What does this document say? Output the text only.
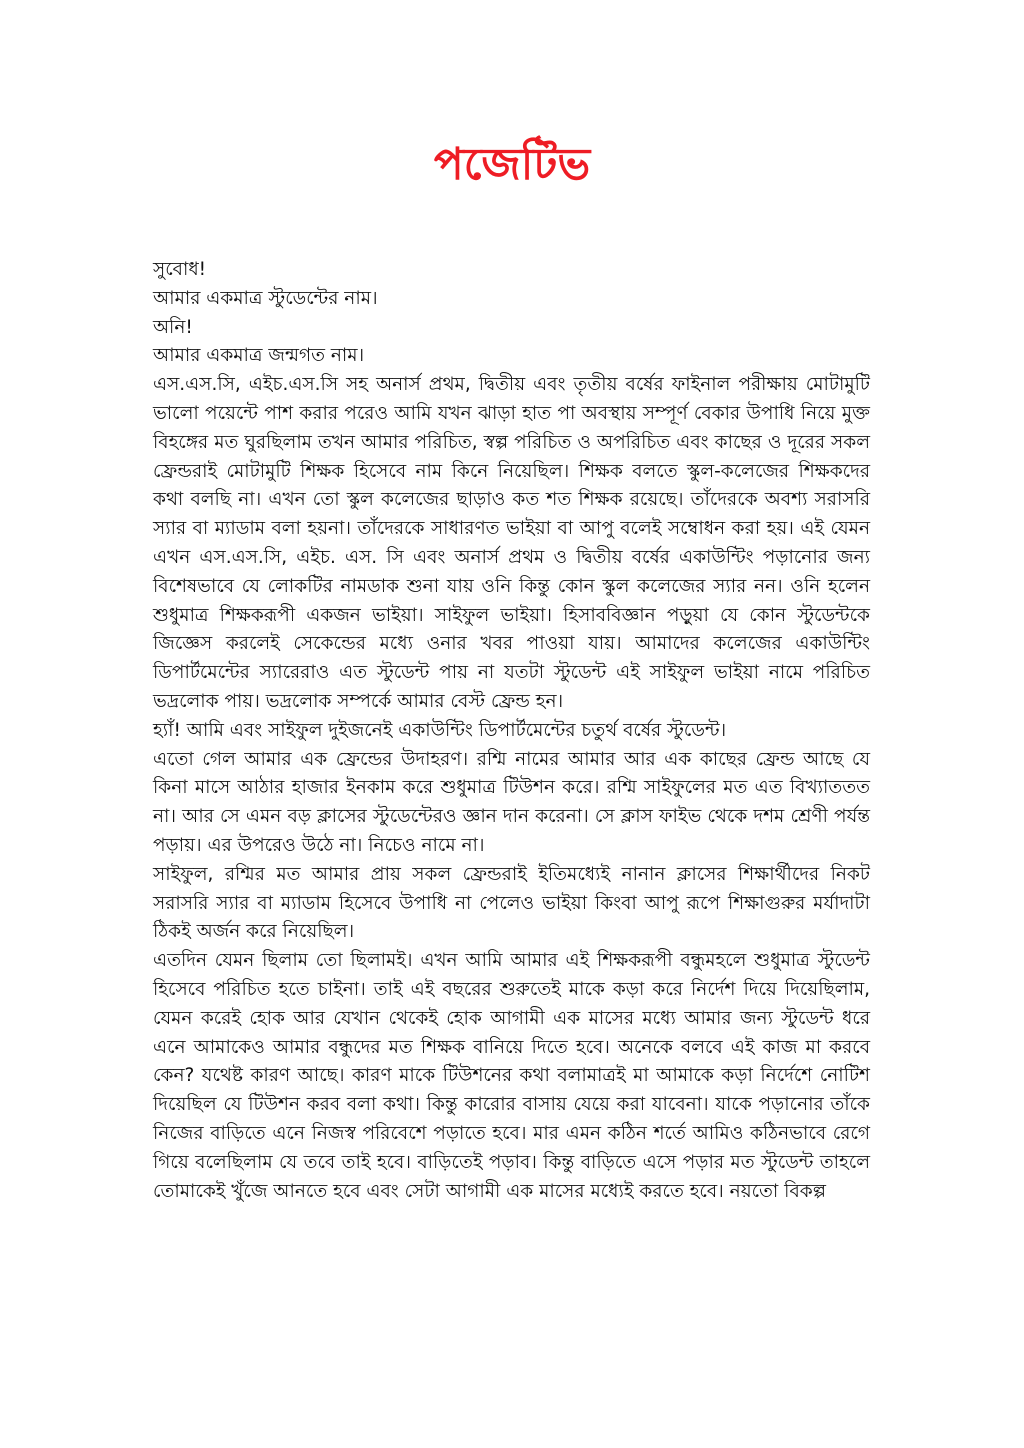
পজেটিভ

সুবোধ!

আমার একমাত্র স্টুডেন্টের নাম।

অনি!

আমার একমাত্র জন্মগত নাম।

এস.এস.সি, এইচ.এস.সি সহ অনার্স প্রথম, দ্বিতীয় এবং তৃতীয় বর্ষের ফাইনাল পরীক্ষায় মোটামুটি ভালো পয়েন্টে পাশ করার পরেও আমি যখন ঝাড়া হাত পা অবস্থায় সম্পূর্ণ বেকার উপাধি নিয়ে মুক্ত বিহঙ্গের মত ঘুরছিলাম তখন আমার পরিচিত, স্বল্প পরিচিত ও অপরিচিত এবং কাছের ও দূরের সকল ফ্রেন্ডরাই মোটামুটি শিক্ষক হিসেবে নাম কিনে নিয়েছিল। শিক্ষক বলতে স্কুল-কলেজের শিক্ষকদের কথা বলছি না। এখন তো স্কুল কলেজের ছাড়াও কত শত শিক্ষক রয়েছে। তাঁদেরকে অবশ্য সরাসরি স্যার বা ম্যাডাম বলা হয়না। তাঁদেরকে সাধারণত ভাইয়া বা আপু বলেই সম্বোধন করা হয়। এই যেমন এখন এস.এস.সি, এইচ. এস. সি এবং অনার্স প্রথম ও দ্বিতীয় বর্ষের একাউন্টিং পড়ানোর জন্য বিশেষভাবে যে লোকটির নামডাক শুনা যায় ওনি কিন্তু কোন স্কুল কলেজের স্যার নন। ওনি হলেন শুধুমাত্র শিক্ষকরূপী একজন ভাইয়া। সাইফুল ভাইয়া। হিসাববিজ্ঞান পড়ুয়া যে কোন স্টুডেন্টকে জিজ্ঞেস করলেই সেকেন্ডের মধ্যে ওনার খবর পাওয়া যায়। আমাদের কলেজের একাউন্টিং ডিপার্টমেন্টের স্যারেরাও এত স্টুডেন্ট পায় না যতটা স্টুডেন্ট এই সাইফুল ভাইয়া নামে পরিচিত ভদ্রলোক পায়। ভদ্রলোক সম্পর্কে আমার বেস্ট ফ্রেন্ড হন।

হ্যাঁ! আমি এবং সাইফুল দুইজনেই একাউন্টিং ডিপার্টমেন্টের চতুর্থ বর্ষের স্টুডেন্ট।

এতো গেল আমার এক ফ্রেন্ডের উদাহরণ। রশ্মি নামের আমার আর এক কাছের ফ্রেন্ড আছে যে কিনা মাসে আঠার হাজার ইনকাম করে শুধুমাত্র টিউশন করে। রশ্মি সাইফুলের মত এত বিখ্যাততত না। আর সে এমন বড় ক্লাসের স্টুডেন্টেরও জ্ঞান দান করেনা। সে ক্লাস ফাইভ থেকে দশম শ্রেণী পর্যন্ত পড়ায়। এর উপরেও উঠে না। নিচেও নামে না।

সাইফুল, রশ্মির মত আমার প্রায় সকল ফ্রেন্ডরাই ইতিমধ্যেই নানান ক্লাসের শিক্ষার্থীদের নিকট সরাসরি স্যার বা ম্যাডাম হিসেবে উপাধি না পেলেও ভাইয়া কিংবা আপু রূপে শিক্ষাগুরুর মর্যাদাটা ঠিকই অর্জন করে নিয়েছিল।

এতদিন যেমন ছিলাম তো ছিলামই। এখন আমি আমার এই শিক্ষকরূপী বন্ধুমহলে শুধুমাত্র স্টুডেন্ট হিসেবে পরিচিত হতে চাইনা। তাই এই বছরের শুরুতেই মাকে কড়া করে নির্দেশ দিয়ে দিয়েছিলাম, যেমন করেই হোক আর যেখান থেকেই হোক আগামী এক মাসের মধ্যে আমার জন্য স্টুডেন্ট ধরে এনে আমাকেও আমার বন্ধুদের মত শিক্ষক বানিয়ে দিতে হবে। অনেকে বলবে এই কাজ মা করবে কেন? যথেষ্ট কারণ আছে। কারণ মাকে টিউশনের কথা বলামাত্রই মা আমাকে কড়া নির্দেশে নোটিশ দিয়েছিল যে টিউশন করব বলা কথা। কিন্তু কারোর বাসায় যেয়ে করা যাবেনা। যাকে পড়ানোর তাঁকে নিজের বাড়িতে এনে নিজস্ব পরিবেশে পড়াতে হবে। মার এমন কঠিন শর্তে আমিও কঠিনভাবে রেগে গিয়ে বলেছিলাম যে তবে তাই হবে। বাড়িতেই পড়াব। কিন্তু বাড়িতে এসে পড়ার মত স্টুডেন্ট তাহলে তোমাকেই খুঁজে আনতে হবে এবং সেটা আগামী এক মাসের মধ্যেই করতে হবে। নয়তো বিকল্প
